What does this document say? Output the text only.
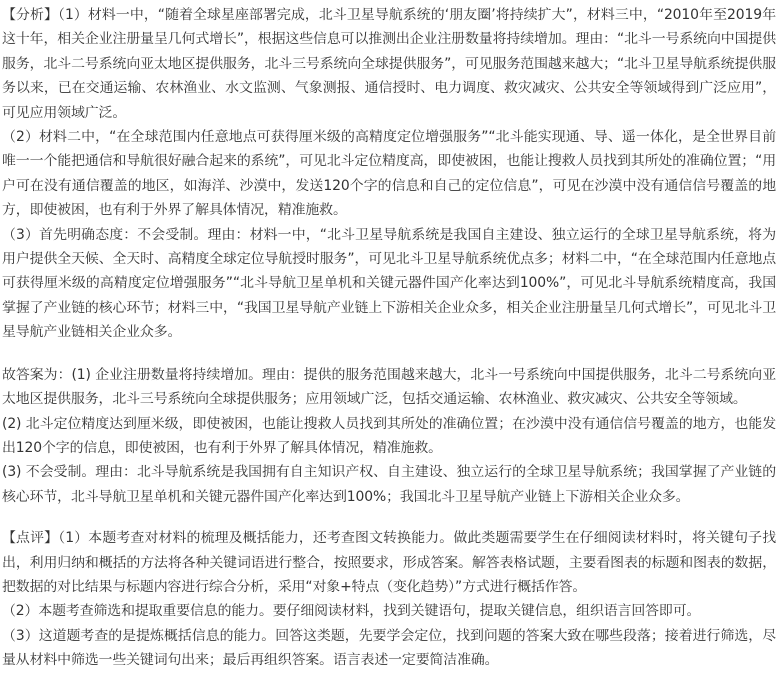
【分析】（1）材料一中，“随着全球星座部署完成，北斗卫星导航系统的‘朋友圈’将持续扩大”，材料三中，“2010年至2019年这十年，相关企业注册量呈几何式增长”，根据这些信息可以推测出企业注册数量将持续增加。理由：“北斗一号系统向中国提供服务，北斗二号系统向亚太地区提供服务，北斗三号系统向全球提供服务”，可见服务范围越来越大；“北斗卫星导航系统提供服务以来，已在交通运输、农林渔业、水文监测、气象测报、通信授时、电力调度、救灾减灾、公共安全等领域得到广泛应用”，可见应用领域广泛。

（2）材料二中，“在全球范围内任意地点可获得厘米级的高精度定位增强服务”“北斗能实现通、导、遥一体化，是全世界目前唯一一个能把通信和导航很好融合起来的系统”，可见北斗定位精度高，即使被困，也能让搜救人员找到其所处的准确位置；“用户可在没有通信覆盖的地区，如海洋、沙漠中，发送120个字的信息和自己的定位信息”，可见在沙漠中没有通信信号覆盖的地方，即使被困，也有利于外界了解具体情况，精准施救。

（3）首先明确态度：不会受制。理由：材料一中，“北斗卫星导航系统是我国自主建设、独立运行的全球卫星导航系统，将为用户提供全天候、全天时、高精度全球定位导航授时服务”，可见北斗卫星导航系统优点多；材料二中，“在全球范围内任意地点可获得厘米级的高精度定位增强服务”“北斗导航卫星单机和关键元器件国产化率达到100%”，可见北斗导航系统精度高，我国掌握了产业链的核心环节；材料三中，“我国卫星导航产业链上下游相关企业众多，相关企业注册量呈几何式增长”，可见北斗卫星导航产业链相关企业众多。

故答案为：(1) 企业注册数量将持续增加。理由：提供的服务范围越来越大，北斗一号系统向中国提供服务，北斗二号系统向亚太地区提供服务，北斗三号系统向全球提供服务；应用领域广泛，包括交通运输、农林渔业、救灾减灾、公共安全等领域。

(2) 北斗定位精度达到厘米级，即使被困，也能让搜救人员找到其所处的准确位置；在沙漠中没有通信信号覆盖的地方，也能发出120个字的信息，即使被困，也有利于外界了解具体情况，精准施救。

(3) 不会受制。理由：北斗导航系统是我国拥有自主知识产权、自主建设、独立运行的全球卫星导航系统；我国掌握了产业链的核心环节，北斗导航卫星单机和关键元器件国产化率达到100%；我国北斗卫星导航产业链上下游相关企业众多。

【点评】（1）本题考查对材料的梳理及概括能力，还考查图文转换能力。做此类题需要学生在仔细阅读材料时，将关键句子找出，利用归纳和概括的方法将各种关键词语进行整合，按照要求，形成答案。解答表格试题，主要看图表的标题和图表的数据，把数据的对比结果与标题内容进行综合分析，采用“对象+特点（变化趋势）”方式进行概括作答。

（2）本题考查筛选和提取重要信息的能力。要仔细阅读材料，找到关键语句，提取关键信息，组织语言回答即可。

（3）这道题考查的是提炼概括信息的能力。回答这类题，先要学会定位，找到问题的答案大致在哪些段落；接着进行筛选，尽量从材料中筛选一些关键词句出来；最后再组织答案。语言表述一定要简洁准确。
